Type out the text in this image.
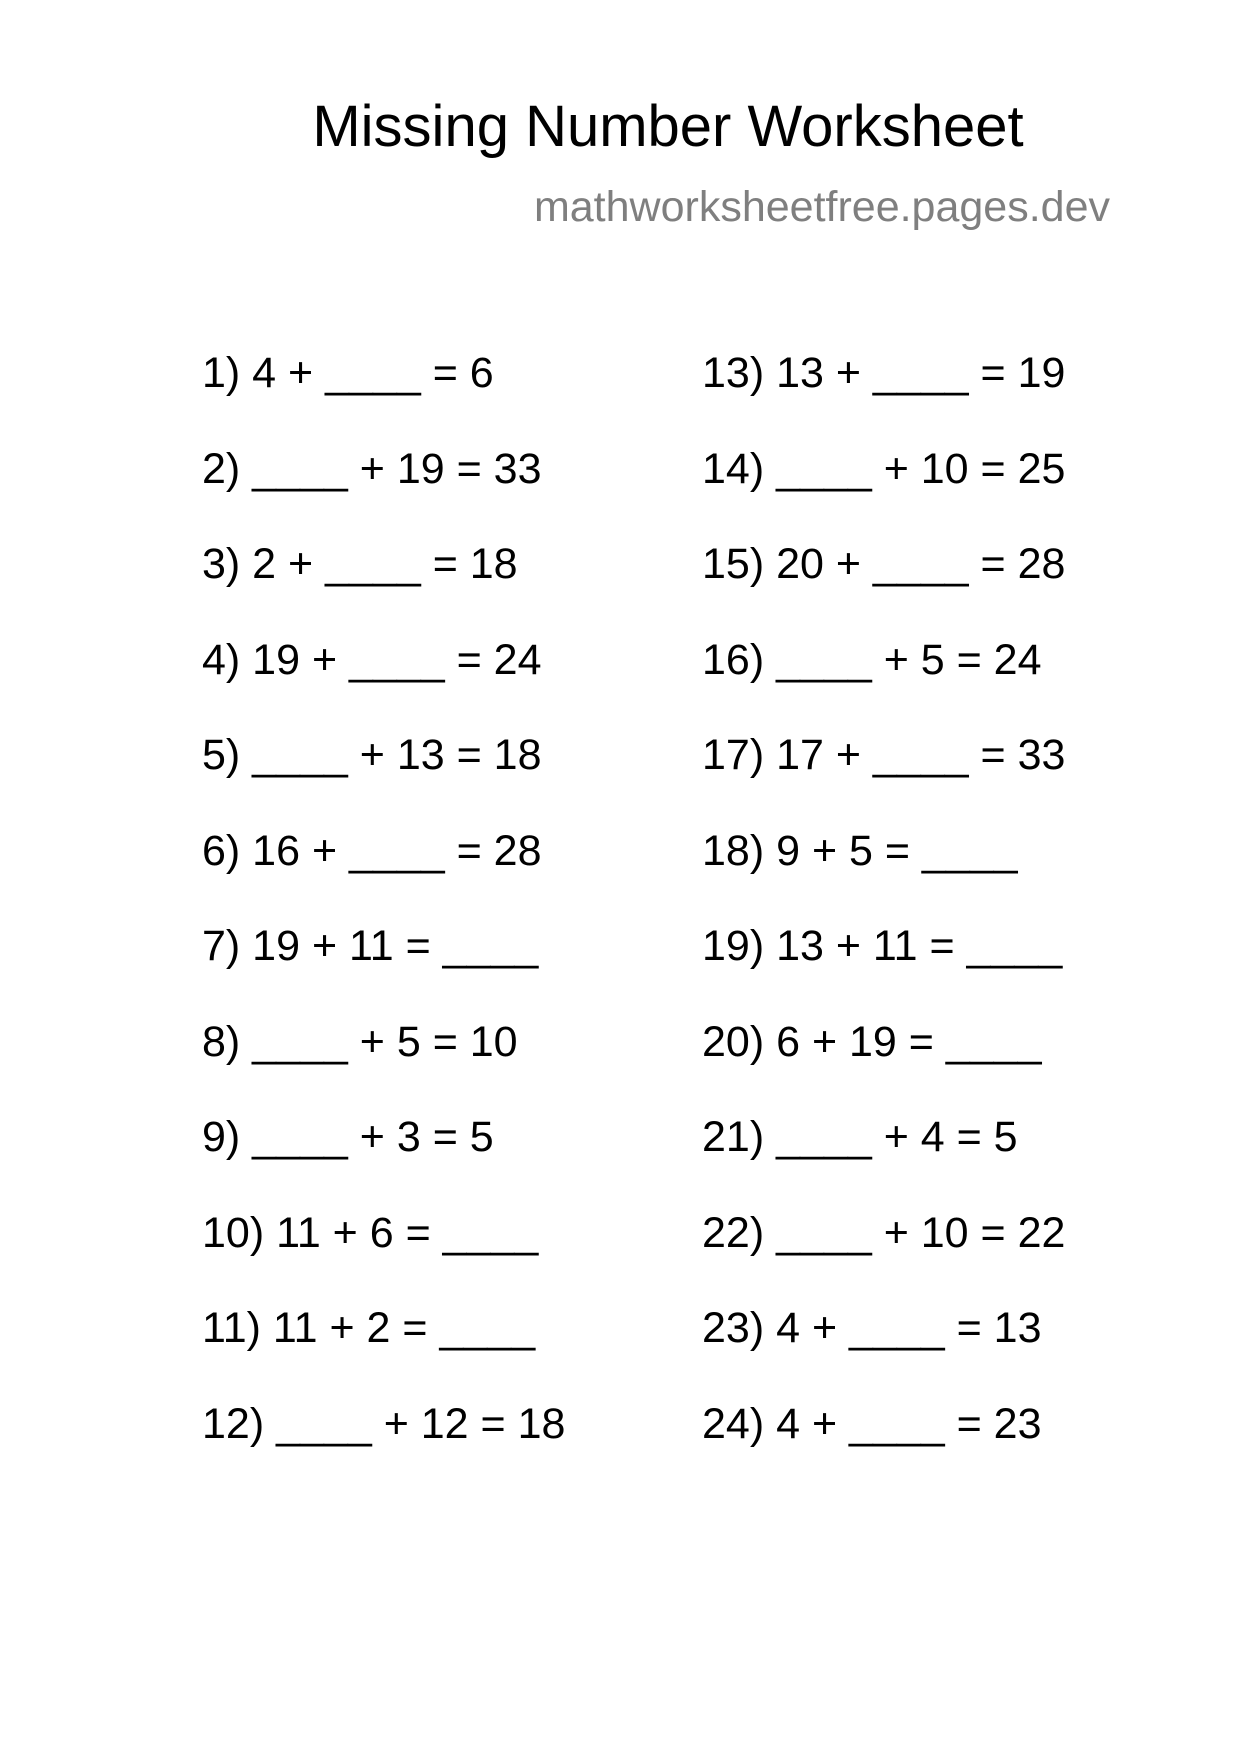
Missing Number Worksheet
mathworksheetfree.pages.dev
1) 4 + ____ = 6
2) ____ + 19 = 33
3) 2 + ____ = 18
4) 19 + ____ = 24
5) ____ + 13 = 18
6) 16 + ____ = 28
7) 19 + 11 = ____
8) ____ + 5 = 10
9) ____ + 3 = 5
10) 11 + 6 = ____
11) 11 + 2 = ____
12) ____ + 12 = 18
13) 13 + ____ = 19
14) ____ + 10 = 25
15) 20 + ____ = 28
16) ____ + 5 = 24
17) 17 + ____ = 33
18) 9 + 5 = ____
19) 13 + 11 = ____
20) 6 + 19 = ____
21) ____ + 4 = 5
22) ____ + 10 = 22
23) 4 + ____ = 13
24) 4 + ____ = 23
